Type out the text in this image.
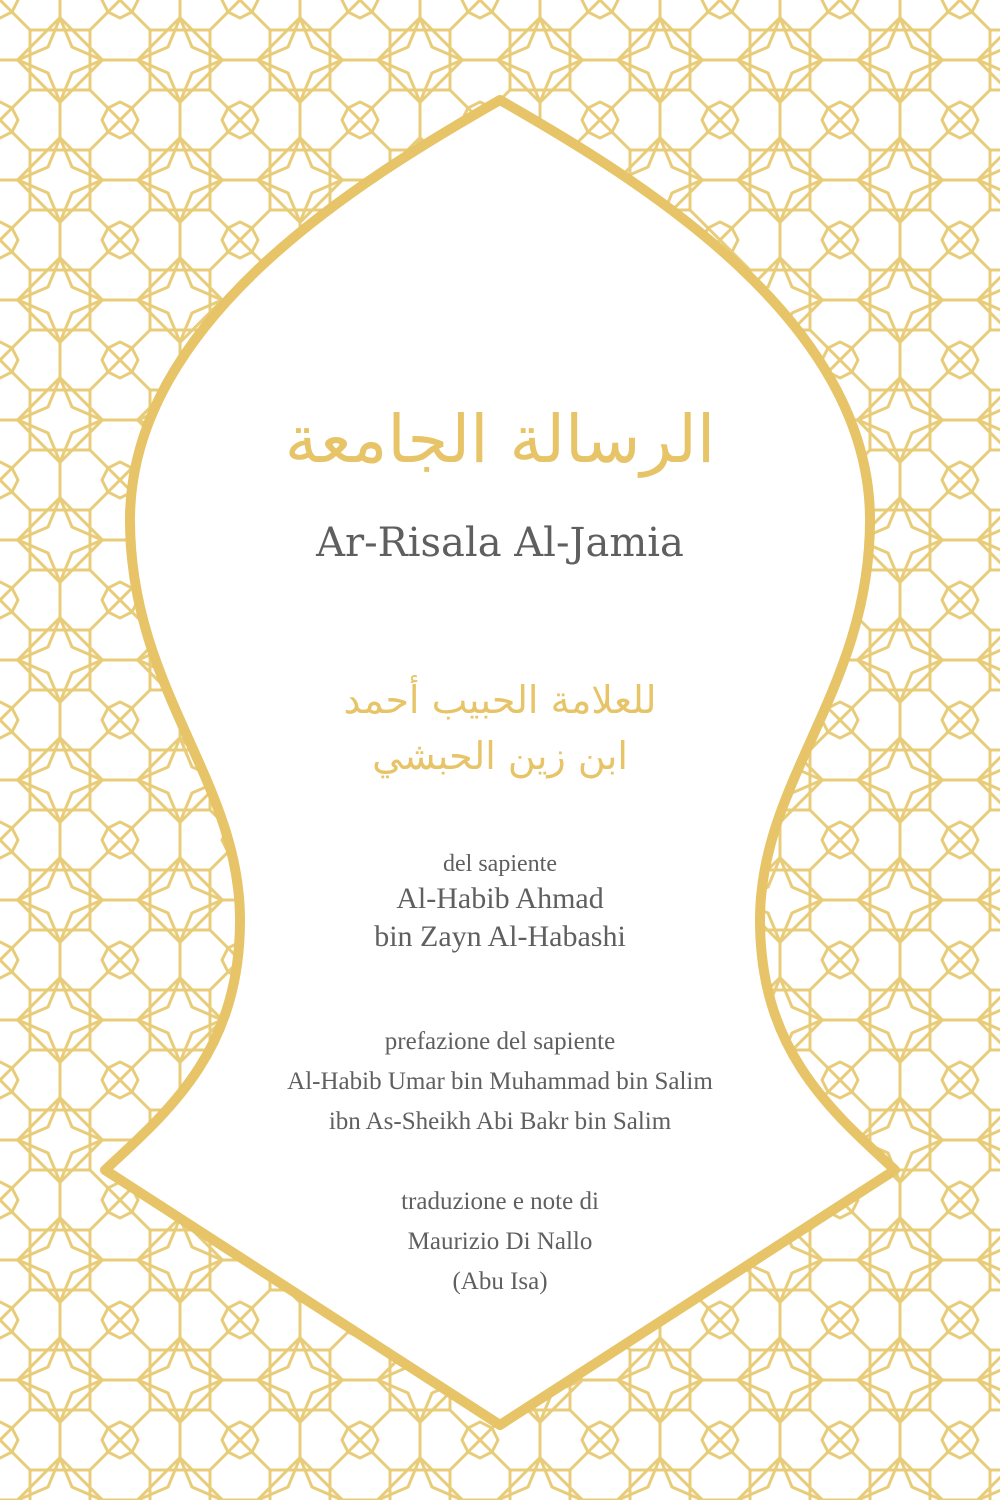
الرسالة الجامعة
Ar-Risala Al-Jamia
للعلامة الحبيب أحمد
ابن زين الحبشي
del sapiente
Al-Habib Ahmad
bin Zayn Al-Habashi
prefazione del sapiente
Al-Habib Umar bin Muhammad bin Salim
ibn As-Sheikh Abi Bakr bin Salim
traduzione e note di
Maurizio Di Nallo
(Abu Isa)
